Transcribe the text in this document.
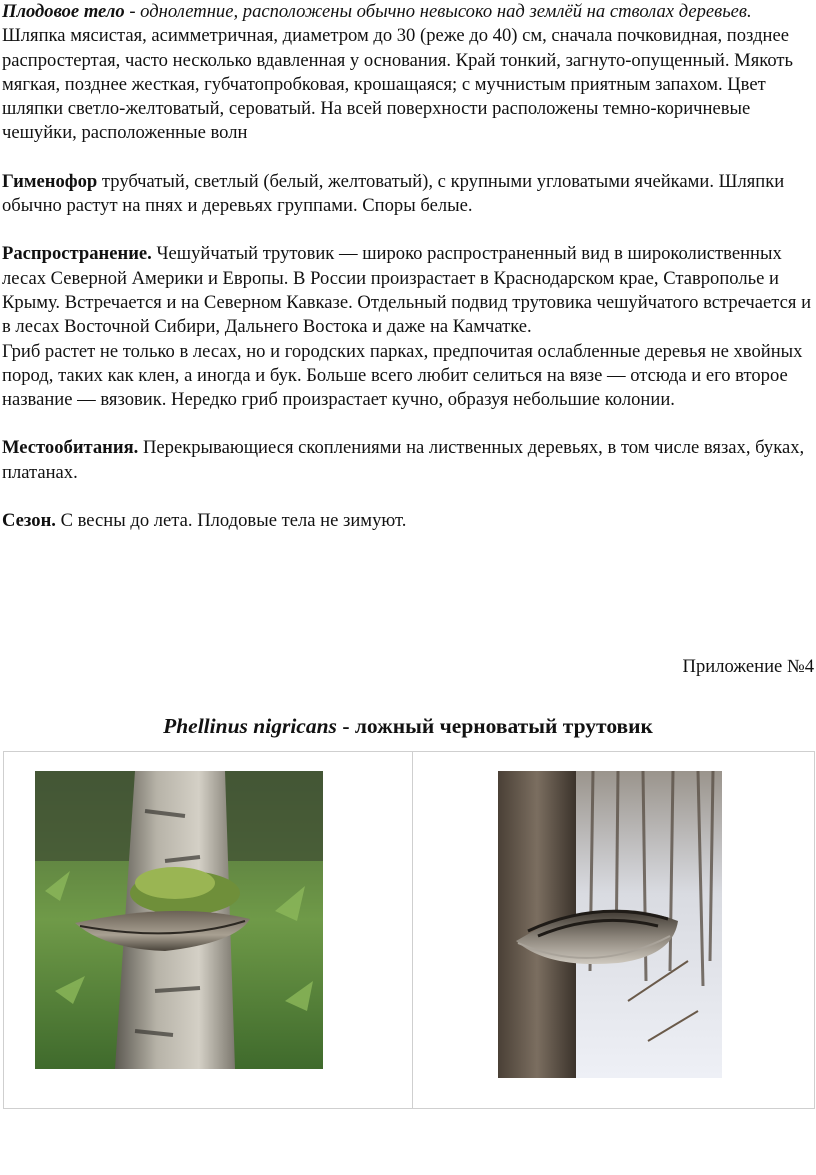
Плодовое тело - однолетние, расположены обычно невысоко над землёй на стволах деревьев.

Шляпка мясистая, асимметричная, диаметром до 30 (реже до 40) см, сначала почковидная, позднее распростертая, часто несколько вдавленная у основания. Край тонкий, загнуто-опущенный. Мякоть мягкая, позднее жесткая, губчатопробковая, крошащаяся; с мучнистым приятным запахом. Цвет шляпки светло-желтоватый, сероватый. На всей поверхности расположены темно-коричневые чешуйки, расположенные волн

Гименофор трубчатый, светлый (белый, желтоватый), с крупными угловатыми ячейками. Шляпки обычно растут на пнях и деревьях группами. Споры белые.

Распространение. Чешуйчатый трутовик — широко распространенный вид в широколиственных лесах Северной Америки и Европы. В России произрастает в Краснодарском крае, Ставрополье и Крыму. Встречается и на Северном Кавказе. Отдельный подвид трутовика чешуйчатого встречается и в лесах Восточной Сибири, Дальнего Востока и даже на Камчатке.

Гриб растет не только в лесах, но и городских парках, предпочитая ослабленные деревья не хвойных пород, таких как клен, а иногда и бук. Больше всего любит селиться на вязе — отсюда и его второе название — вязовик. Нередко гриб произрастает кучно, образуя небольшие колонии.

Местообитания. Перекрывающиеся скоплениями на лиственных деревьях, в том числе вязах, буках, платанах.

Сезон. С весны до лета. Плодовые тела не зимуют.

Приложение №4
Phellinus nigricans - ложный черноватый трутовик
